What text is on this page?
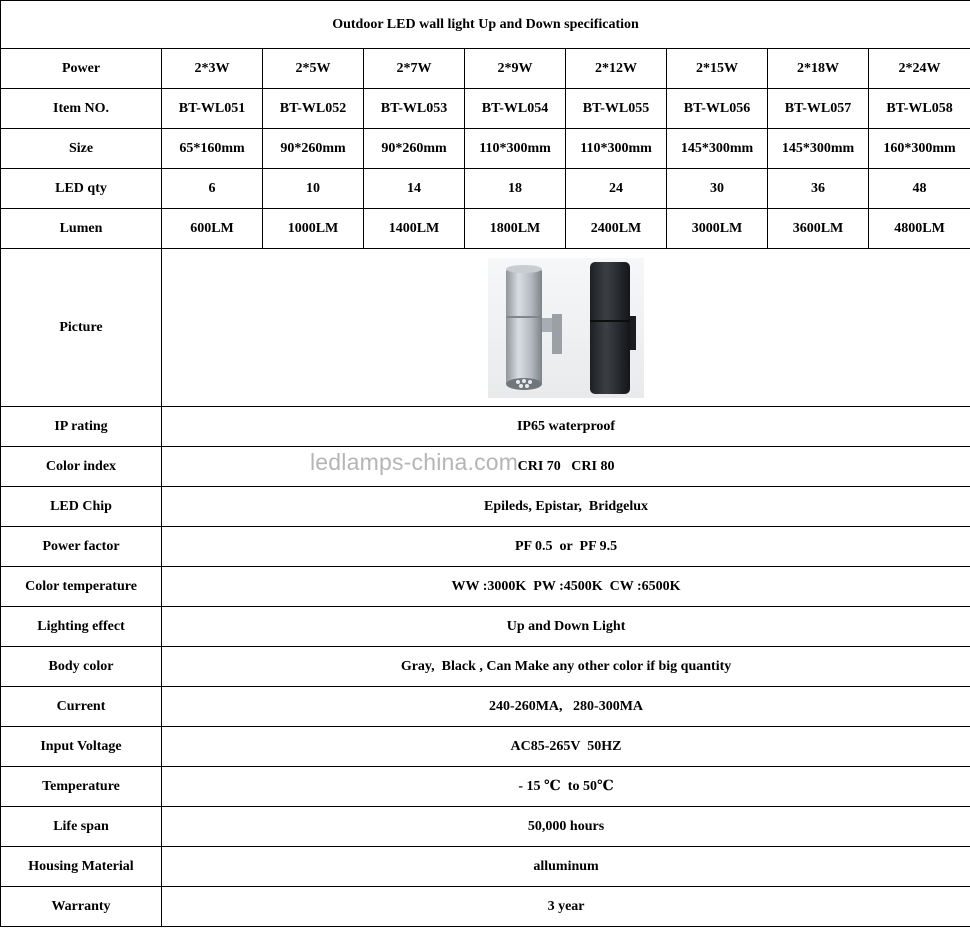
Outdoor LED wall light Up and Down specification								
Power	2*3W	2*5W	2*7W	2*9W	2*12W	2*15W	2*18W	2*24W
Item NO.	BT-WL051	BT-WL052	BT-WL053	BT-WL054	BT-WL055	BT-WL056	BT-WL057	BT-WL058
Size	65*160mm	90*260mm	90*260mm	110*300mm	110*300mm	145*300mm	145*300mm	160*300mm
LED qty	6	10	14	18	24	30	36	48
Lumen	600LM	1000LM	1400LM	1800LM	2400LM	3000LM	3600LM	4800LM
Picture	
IP rating	IP65 waterproof							
Color index	CRI 70   CRI 80							
LED Chip	Epileds, Epistar,  Bridgelux							
Power factor	PF 0.5  or  PF 9.5							
Color temperature	WW :3000K  PW :4500K  CW :6500K							
Lighting effect	Up and Down Light							
Body color	Gray,  Black , Can Make any other color if big quantity							
Current	240-260MA,   280-300MA							
Input Voltage	AC85-265V  50HZ							
Temperature	- 15 ℃  to 50℃							
Life span	50,000 hours							
Housing Material	alluminum							
Warranty	3 year							
ledlamps-china.com
